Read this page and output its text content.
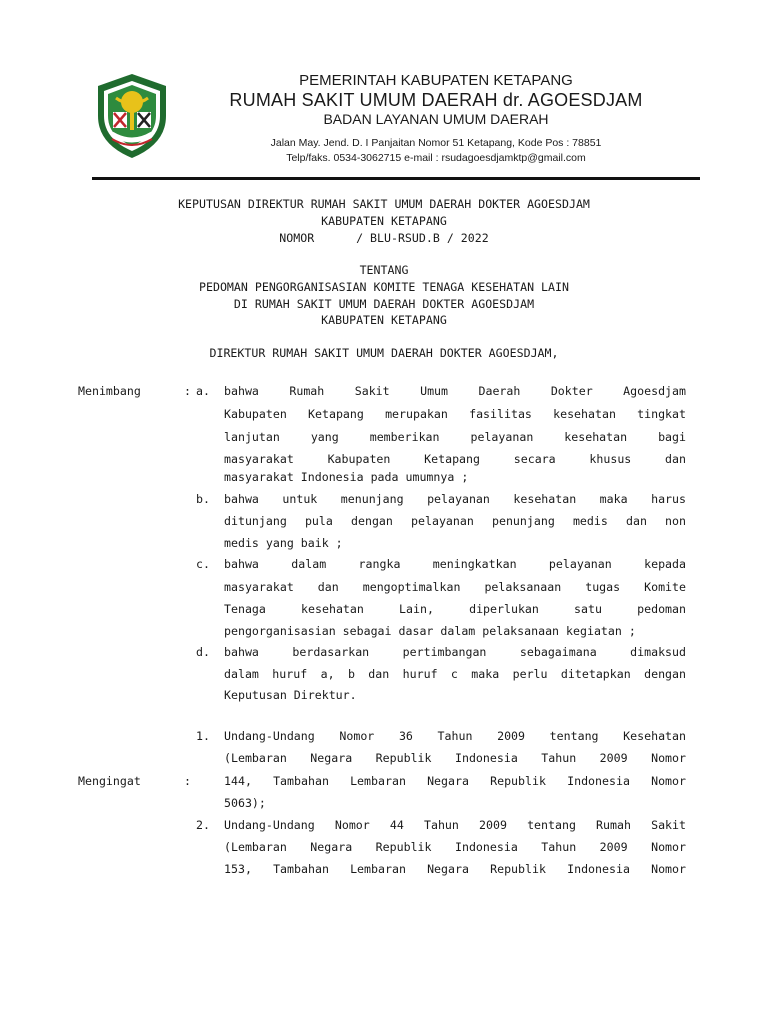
PEMERINTAH KABUPATEN KETAPANG
RUMAH SAKIT UMUM DAERAH dr. AGOESDJAM
BADAN LAYANAN UMUM DAERAH
Jalan May. Jend. D. I Panjaitan Nomor 51 Ketapang, Kode Pos : 78851
Telp/faks. 0534-3062715 e-mail : rsudagoesdjamktp@gmail.com
KEPUTUSAN DIREKTUR RUMAH SAKIT UMUM DAERAH DOKTER AGOESDJAM
KABUPATEN KETAPANG
NOMOR      / BLU-RSUD.B / 2022
TENTANG
PEDOMAN PENGORGANISASIAN KOMITE TENAGA KESEHATAN LAIN
DI RUMAH SAKIT UMUM DAERAH DOKTER AGOESDJAM
KABUPATEN KETAPANG
DIREKTUR RUMAH SAKIT UMUM DAERAH DOKTER AGOESDJAM,
Menimbang	: a. bahwa Rumah Sakit Umum Daerah Dokter Agoesdjam
Kabupaten Ketapang merupakan fasilitas kesehatan tingkat
lanjutan yang memberikan pelayanan kesehatan bagi
masyarakat Kabupaten Ketapang secara khusus dan
masyarakat Indonesia pada umumnya ;
b. bahwa untuk menunjang pelayanan kesehatan maka harus
ditunjang pula dengan pelayanan penunjang medis dan non
medis yang baik ;
c. bahwa dalam rangka meningkatkan pelayanan kepada
masyarakat dan mengoptimalkan pelaksanaan tugas Komite
Tenaga kesehatan Lain, diperlukan satu pedoman
pengorganisasian sebagai dasar dalam pelaksanaan kegiatan ;
d. bahwa berdasarkan pertimbangan sebagaimana dimaksud
dalam huruf a, b dan huruf c maka perlu ditetapkan dengan
Keputusan Direktur.
Mengingat	:
1. Undang-Undang Nomor 36 Tahun 2009 tentang Kesehatan
(Lembaran Negara Republik Indonesia Tahun 2009 Nomor
144, Tambahan Lembaran Negara Republik Indonesia Nomor
5063);
2. Undang-Undang Nomor 44 Tahun 2009 tentang Rumah Sakit
(Lembaran Negara Republik Indonesia Tahun 2009 Nomor
153, Tambahan Lembaran Negara Republik Indonesia Nomor
